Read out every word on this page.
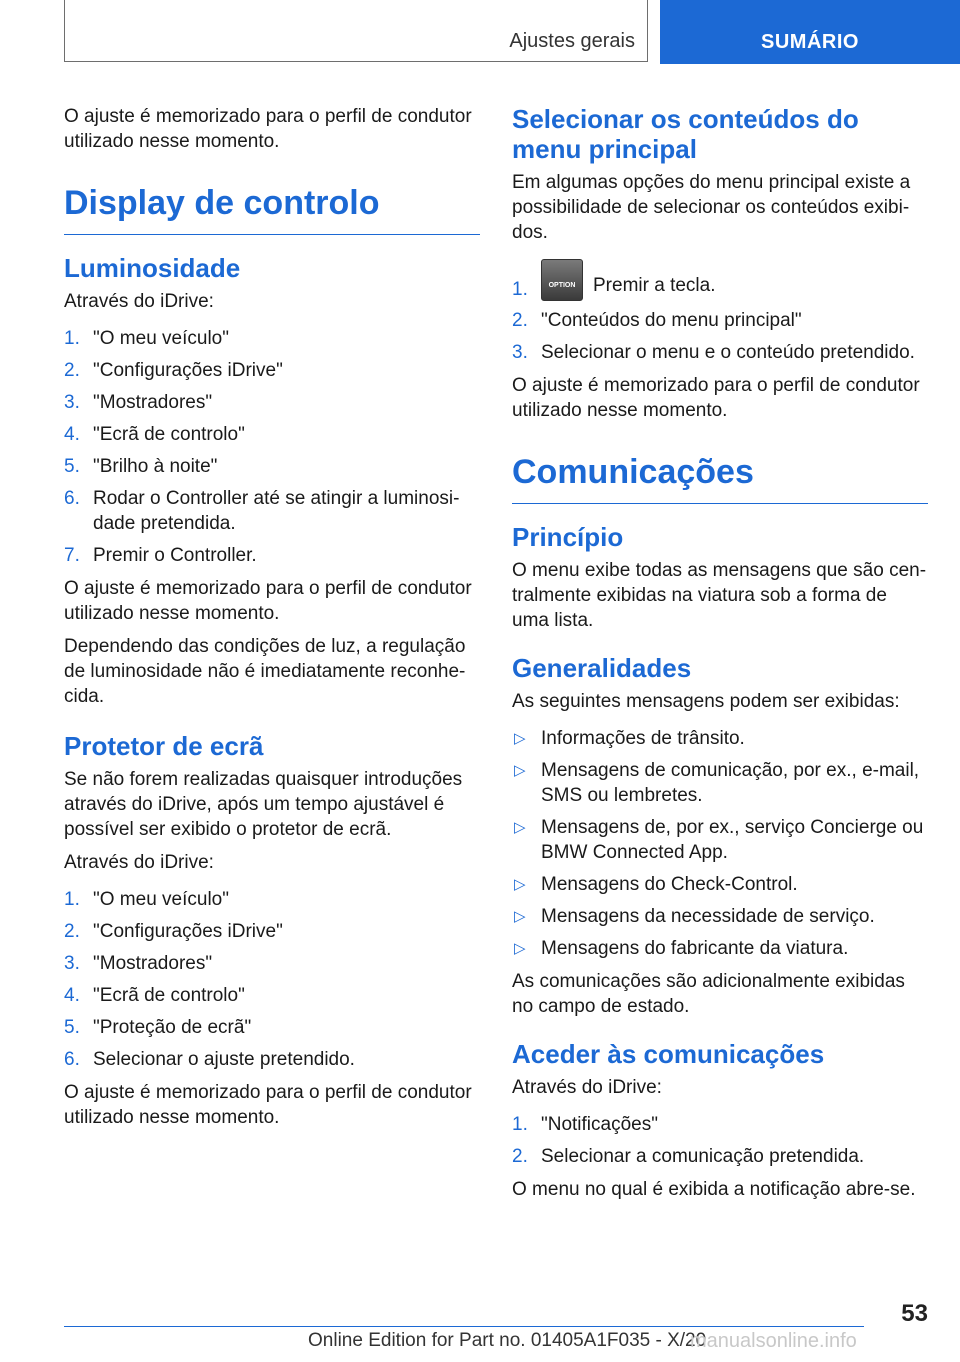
Ajustes gerais	SUMÁRIO

O ajuste é memorizado para o perfil de condutor utilizado nesse momento.

Display de controlo
Luminosidade

Através do iDrive:

1. "O meu veículo"
2. "Configurações iDrive"
3. "Mostradores"
4. "Ecrã de controlo"
5. "Brilho à noite"
6. Rodar o Controller até se atingir a luminosidade pretendida.
7. Premir o Controller.

O ajuste é memorizado para o perfil de condutor utilizado nesse momento.

Dependendo das condições de luz, a regulação de luminosidade não é imediatamente reconhecida.

Protetor de ecrã

Se não forem realizadas quaisquer introduções através do iDrive, após um tempo ajustável é possível ser exibido o protetor de ecrã.

Através do iDrive:

1. "O meu veículo"
2. "Configurações iDrive"
3. "Mostradores"
4. "Ecrã de controlo"
5. "Proteção de ecrã"
6. Selecionar o ajuste pretendido.

O ajuste é memorizado para o perfil de condutor utilizado nesse momento.

Selecionar os conteúdos do menu principal

Em algumas opções do menu principal existe a possibilidade de selecionar os conteúdos exibidos.

1.	OPTION Premir a tecla.
2. "Conteúdos do menu principal"
3. Selecionar o menu e o conteúdo pretendido.

O ajuste é memorizado para o perfil de condutor utilizado nesse momento.

Comunicações
Princípio

O menu exibe todas as mensagens que são centralmente exibidas na viatura sob a forma de uma lista.

Generalidades

As seguintes mensagens podem ser exibidas:

▷ Informações de trânsito.
▷ Mensagens de comunicação, por ex., e-mail, SMS ou lembretes.
▷ Mensagens de, por ex., serviço Concierge ou BMW Connected App.
▷ Mensagens do Check-Control.
▷ Mensagens da necessidade de serviço.
▷ Mensagens do fabricante da viatura.

As comunicações são adicionalmente exibidas no campo de estado.

Aceder às comunicações

Através do iDrive:

1. "Notificações"
2. Selecionar a comunicação pretendida.

O menu no qual é exibida a notificação abre-se.

53
Online Edition for Part no. 01405A1F035 - X/20
manualsonline.info
